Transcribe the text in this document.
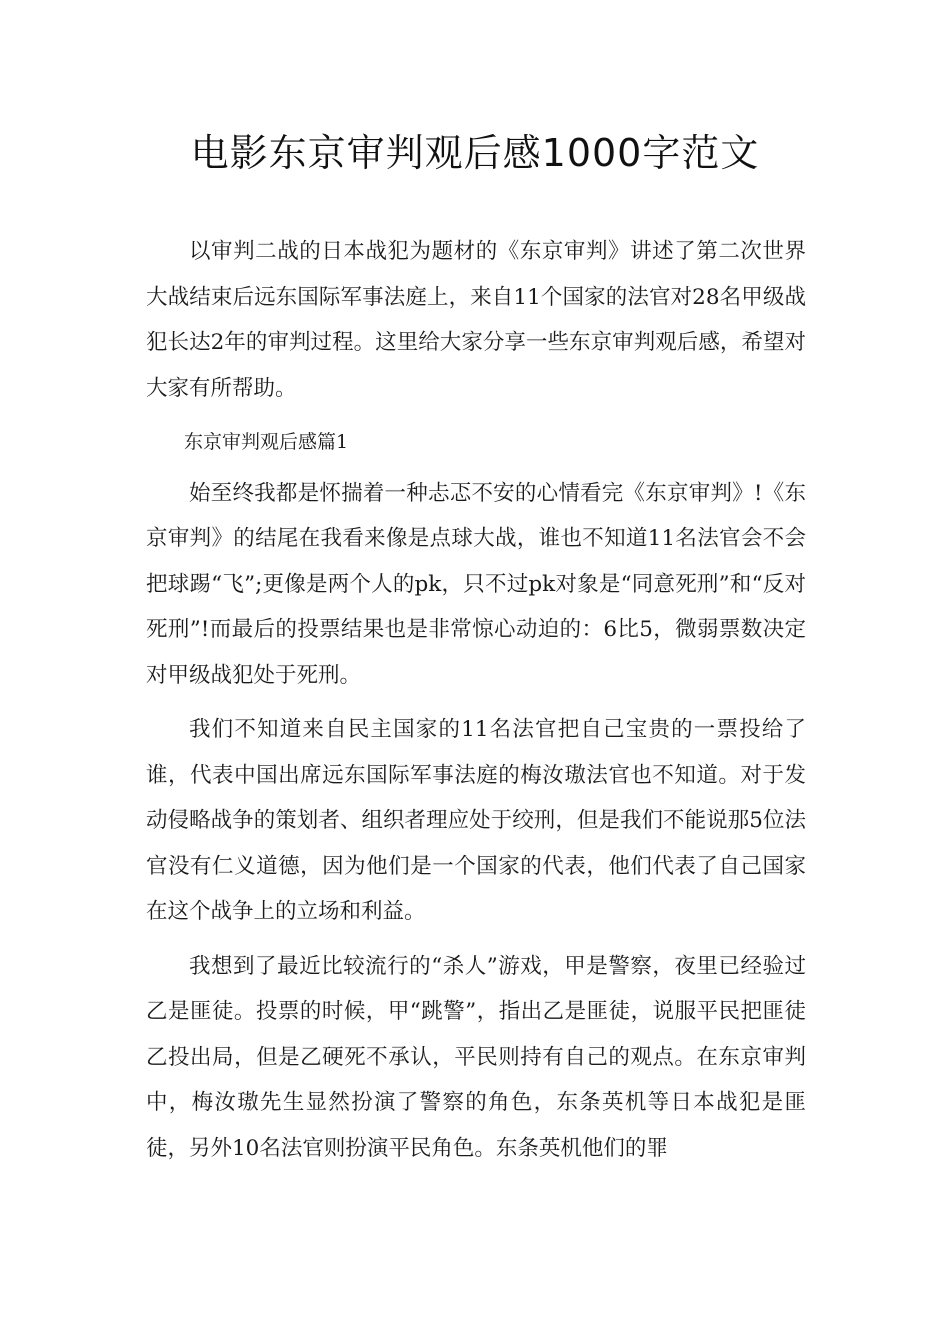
电影东京审判观后感1000字范文

以审判二战的日本战犯为题材的《东京审判》讲述了第二次世界大战结束后远东国际军事法庭上，来自11个国家的法官对28名甲级战犯长达2年的审判过程。这里给大家分享一些东京审判观后感，希望对大家有所帮助。

东京审判观后感篇1

始至终我都是怀揣着一种忐忑不安的心情看完《东京审判》!《东京审判》的结尾在我看来像是点球大战，谁也不知道11名法官会不会把球踢“飞”;更像是两个人的pk，只不过pk对象是“同意死刑”和“反对死刑”!而最后的投票结果也是非常惊心动迫的：6比5，微弱票数决定对甲级战犯处于死刑。

我们不知道来自民主国家的11名法官把自己宝贵的一票投给了谁，代表中国出席远东国际军事法庭的梅汝璈法官也不知道。对于发动侵略战争的策划者、组织者理应处于绞刑，但是我们不能说那5位法官没有仁义道德，因为他们是一个国家的代表，他们代表了自己国家在这个战争上的立场和利益。

我想到了最近比较流行的“杀人”游戏，甲是警察，夜里已经验过乙是匪徒。投票的时候，甲“跳警”，指出乙是匪徒，说服平民把匪徒乙投出局，但是乙硬死不承认，平民则持有自己的观点。在东京审判中，梅汝璈先生显然扮演了警察的角色，东条英机等日本战犯是匪徒，另外10名法官则扮演平民角色。东条英机他们的罪
